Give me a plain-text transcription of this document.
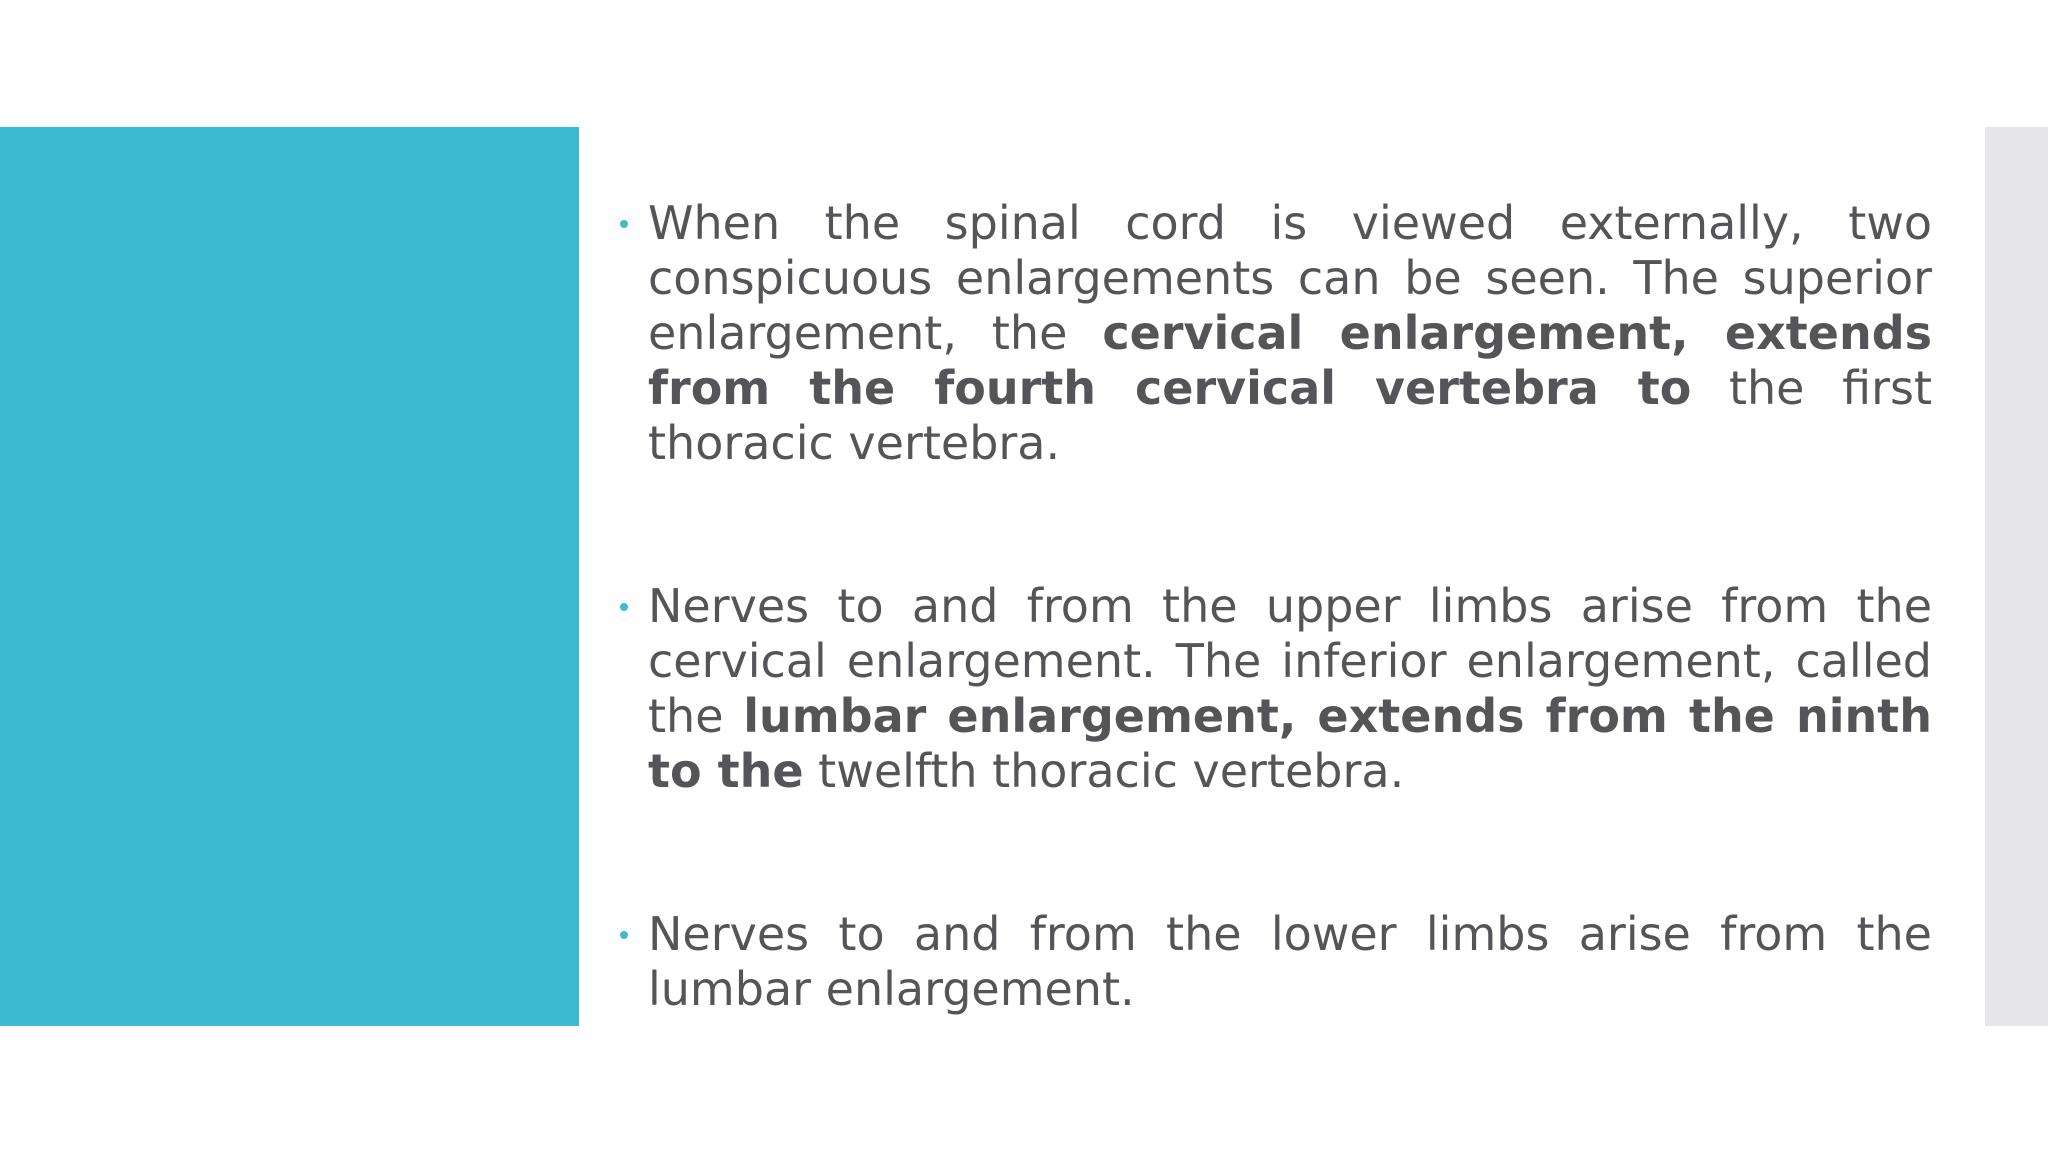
When the spinal cord is viewed externally, two conspicuous enlargements can be seen. The superior enlargement, the cervical enlargement, extends from the fourth cervical vertebra to the first thoracic vertebra.

Nerves to and from the upper limbs arise from the cervical enlargement. The inferior enlargement, called the lumbar enlargement, extends from the ninth to the twelfth thoracic vertebra.

Nerves to and from the lower limbs arise from the lumbar enlargement.
